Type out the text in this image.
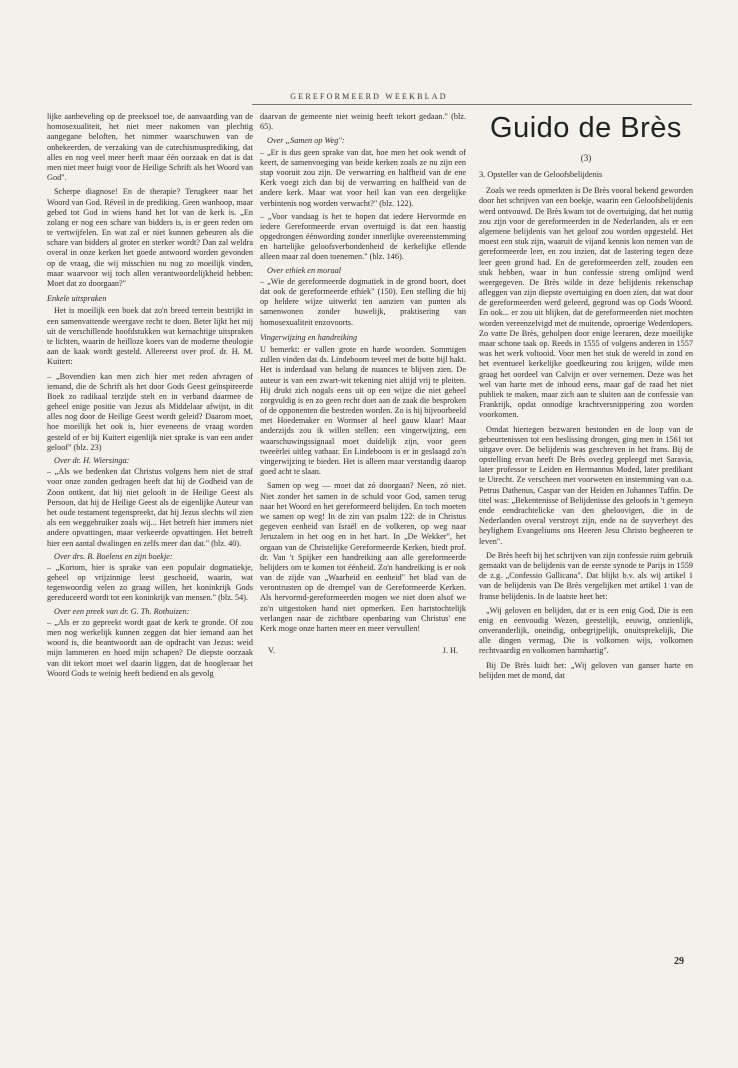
GEREFORMEERD WEEKBLAD

lijke aanbeveling op de preeksoel toe, de aanvaarding van de homosexualiteit, het niet meer nakomen van plechtig aangegane beloften, het nimmer waarschuwen van de onbekeerden, de verzaking van de catechismusprediking, dat alles en nog veel meer heeft maar één oorzaak en dat is dat men niet meer buigt voor de Heilige Schrift als het Woord van God".

Scherpe diagnose! En de therapie? Terugkeer naar het Woord van God. Réveil in de prediking. Geen wanhoop, maar gebed tot God in wiens hand het lot van de kerk is. „En zolang er nog een schare van bidders is, is er geen reden om te vertwijfelen. En wat zal er niet kunnen gebeuren als die schare van bidders al groter en sterker wordt? Dan zal weldra overal in onze kerken het goede antwoord worden gevonden op de vraag, die wij misschien nu nog zo moeilijk vinden, maar waarvoor wij toch allen verantwoordelijkheid hebben: Moet dat zo doorgaan?"

Enkele uitspraken

Het is moeilijk een boek dat zo'n breed terrein bestrijkt in een samenvattende weergave recht te doen. Beter lijkt het mij uit de verschillende hoofdstukken wat kernachtige uitspraken te lichten, waarin de heilloze koers van de moderne theologie aan de kaak wordt gesteld. Allereerst over prof. dr. H. M. Kuitert:

– „Bovendien kan men zich hier met reden afvragen of iemand, die de Schrift als het door Gods Geest geïnspireerde Boek zo radikaal terzijde stelt en in verband daarmee de geheel enige positie van Jezus als Middelaar afwijst, in dit alles nog door de Heilige Geest wordt geleid? Daarom moet, hoe moeilijk het ook is, hier eveneens de vraag worden gesteld of er bij Kuitert eigenlijk niet sprake is van een ander geloof" (blz. 23)

Over dr. H. Wiersinga:

– „Als we bedenken dat Christus volgens hem niet de straf voor onze zonden gedragen heeft dat hij de Godheid van de Zoon ontkent, dat hij niet gelooft in de Heilige Geest als Persoon, dat hij de Heilige Geest als de eigenlijke Auteur van het oude testament tegenspreekt, dat hij Jezus slechts wil zien als een weggebruiker zoals wij... Het betreft hier immers niet andere opvattingen, maar verkeerde opvattingen. Het betreft hier een aantal dwalingen en zelfs meer dan dat." (blz. 40).

Over drs. B. Boelens en zijn boekje:

– „Kortom, hier is sprake van een populair dogmatiekje, geheel op vrijzinnige leest geschoeid, waarin, wat tegenwoordig velen zo graag willen, het koninkrijk Gods gereduceerd wordt tot een koninkrijk van mensen." (blz. 54).

Over een preek van dr. G. Th. Rothuizen:

– „Als er zo gepreekt wordt gaat de kerk te gronde. Of zou men nog werkelijk kunnen zeggen dat hier iemand aan het woord is, die beantwoordt aan de opdracht van Jezus: weid mijn lammeren en hoed mijn schapen? De diepste oorzaak van dit tekort moet wel daarin liggen, dat de hoogleraar het Woord Gods te weinig heeft bediend en als gevolg

daarvan de gemeente niet weinig heeft tekort gedaan." (blz. 65).

Over „Samen op Weg":

– „Er is dus geen sprake van dat, hoe men het ook wendt of keert, de samenvoeging van beide kerken zoals ze nu zijn een stap vooruit zou zijn. De verwarring en halfheid van de ene Kerk voegt zich dan bij de verwarring en halfheid van de andere kerk. Maar wat voor heil kan van een dergelijke verbintenis nog worden verwacht?" (blz. 122).

– „Voor vandaag is het te hopen dat iedere Hervormde en iedere Gereformeerde ervan overtuigd is dat een haastig opgedrongen éénwording zonder innerlijke overeenstemming en hartelijke geloofsverbondenheid de kerkelijke ellende alleen maar zal doen toenemen." (blz. 146).

Over ethiek en moraal

– „Wie de gereformeerde dogmatiek in de grond boort, doet dat ook de gereformeerde ethiek" (150). Een stelling die hij op heldere wijze uitwerkt ten aanzien van punten als samenwonen zonder huwelijk, praktisering van homosexualiteit enzovoorts.

Vingerwijzing en handreiking

U bemerkt: er vallen grote en harde woorden. Sommigen zullen vinden dat ds. Lindeboom teveel met de botte bijl hakt. Het is inderdaad van belang de nuances te blijven zien. De auteur is van een zwart-wit tekening niet altijd vrij te pleiten. Hij drukt zich nogals eens uit op een wijze die niet geheel zorgvuldig is en zo geen recht doet aan de zaak die besproken of de opponenten die bestreden worden. Zo is hij bijvoorbeeld met Hoedemaker en Wormser al heel gauw klaar! Maar anderzijds zou ik willen stellen: een vingerwijzing, een waarschuwingssignaal moet duidelijk zijn, voor geen tweeërlei uitleg vatbaar. En Lindeboom is er in geslaagd zo'n vingerwijzing te bieden. Het is alleen maar verstandig daarop goed acht te slaan.

Samen op weg — moet dat zó doorgaan? Neen, zó niet. Niet zonder het samen in de schuld voor God, samen terug naar het Woord en het gereformeerd belijden. En toch moeten we samen op weg! In de zin van psalm 122: de in Christus gegeven eenheid van Israël en de volkeren, op weg naar Jeruzalem in het oog en in het hart. In „De Wekker", het orgaan van de Christelijke Gereformeerde Kerken, biedt prof. dr. Van 't Spijker een handreiking aan alle gereformeerde belijders om te komen tot éénheid. Zo'n handreiking is er ook van de zijde van „Waarheid en eenheid" het blad van de verontrusten op de drempel van de Gereformeerde Kerken. Als hervormd-gereformeerden mogen we niet doen alsof we zo'n uitgestoken hand niet opmerken. Een hartstochtelijk verlangen naar de zichtbare openbaring van Christus' ene Kerk moge onze harten meer en meer vervullen!

V.	J. H.
Guido de Brès
(3)
3. Opsteller van de Geloofsbelijdenis

Zoals we reeds opmerkten is De Brès vooral bekend geworden door het schrijven van een boekje, waarin een Geloofsbelijdenis werd ontvouwd. De Brès kwam tot de overtuiging, dat het nuttig zou zijn voor de gereformeerden in de Nederlanden, als er een algemene belijdenis van het geloof zou worden opgesteld. Het moest een stuk zijn, waaruit de vijand kennis kon nemen van de gereformeerde leer, en zou inzien, dat de lastering tegen deze leer geen grond had. En de gereformeerden zelf, zouden een stuk hebben, waar in hun confessie streng omlijnd werd weergegeven. De Brès wilde in deze belijdenis rekenschap afleggen van zijn diepste overtuiging en doen zien, dat wat door de gereformeerden werd geleerd, gegrond was op Gods Woord. En ook... er zou uit blijken, dat de gereformeerden niet mochten worden vereenzelvigd met de muitende, oproerige Wederdopers. Zo vatte De Brès, geholpen door enige leeraren, deze moeilijke maar schone taak op. Reeds in 1555 of volgens anderen in 1557 was het werk voltooid. Voor men het stuk de wereld in zond en het eventueel kerkelijke goedkeuring zou krijgen, wilde men graag het oordeel van Calvijn er over vernemen. Deze was het wel van harte met de inhoud eens, maar gaf de raad het niet publiek te maken, maar zich aan te sluiten aan de confessie van Frankrijk, opdat onnodige krachtversnippering zou worden voorkomen.

Omdat hiertegen bezwaren bestonden en de loop van de gebeurtenissen tot een beslissing drongen, ging men in 1561 tot uitgave over. De belijdenis was geschreven in het frans. Bij de opstelling ervan heeft De Brès overleg gepleegd met Saravia, later professor te Leiden en Hermannus Moded, later predikant te Utrecht. Ze verscheen met voorweten en instemming van o.a. Petrus Dathenus, Caspar van der Heiden en Johannes Taffin. De titel was: „Bekentenisse of Belijdenisse des geloofs in 't gemeyn ende eendrachtelicke van den gheloovigen, die in de Nederlanden overal verstroyt zijn, ende na de suyverheyt des heylighem Evangeliums ons Heeren Jesu Christo begheeren te leven".

De Brès heeft bij het schrijven van zijn confessie ruim gebruik gemaakt van de belijdenis van de eerste synode te Parijs in 1559 de z.g. „Confessio Gallicana". Dat blijkt b.v. als wij artikel 1 van de belijdenis van De Brès vergelijken met artikel 1 van de franse belijdenis. In de laatste heet het:

„Wij geloven en belijden, dat er is een enig God, Die is een enig en eenvoudig Wezen, geestelijk, eeuwig, onzienlijk, onveranderlijk, oneindig, onbegrijpelijk, onuitsprekelijk, Die alle dingen vermag, Die is volkomen wijs, volkomen rechtvaardig en volkomen barmhartig".

Bij De Brès luidt het: „Wij geloven van ganser harte en belijden met de mond, dat

29
